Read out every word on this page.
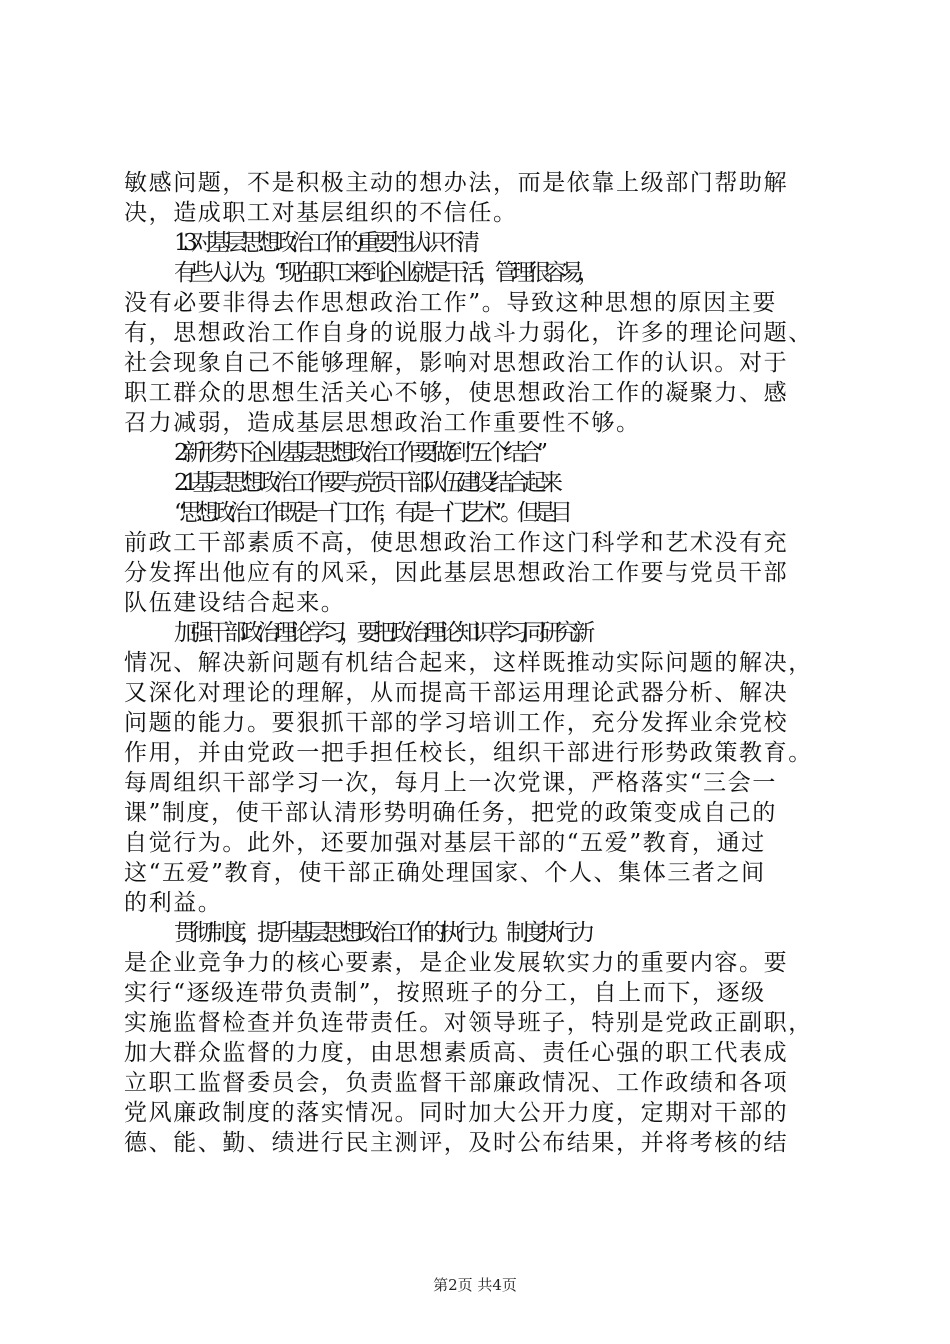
敏感问题，不是积极主动的想办法，而是依靠上级部门帮助解
决，造成职工对基层组织的不信任。
1.3对基层思想政治工作的重要性认识不清
有些人认为。“现在职工来到企业就是干活，管理很容易，
没有必要非得去作思想政治工作”。导致这种思想的原因主要
有，思想政治工作自身的说服力战斗力弱化，许多的理论问题、
社会现象自己不能够理解，影响对思想政治工作的认识。对于
职工群众的思想生活关心不够，使思想政治工作的凝聚力、感
召力减弱，造成基层思想政治工作重要性不够。
2新形势下企业基层思想政治工作要做到“五个结合”
2.1基层思想政治工作要与党员干部队伍建设结合起来
“思想政治工作既是一门工作，有是一门艺术”。但是目
前政工干部素质不高，使思想政治工作这门科学和艺术没有充
分发挥出他应有的风采，因此基层思想政治工作要与党员干部
队伍建设结合起来。
加强干部政治理论学习，要把政治理论知识学习同研究新
情况、解决新问题有机结合起来，这样既推动实际问题的解决，
又深化对理论的理解，从而提高干部运用理论武器分析、解决
问题的能力。要狠抓干部的学习培训工作，充分发挥业余党校
作用，并由党政一把手担任校长，组织干部进行形势政策教育。
每周组织干部学习一次，每月上一次党课，严格落实“三会一
课”制度，使干部认清形势明确任务，把党的政策变成自己的
自觉行为。此外，还要加强对基层干部的“五爱”教育，通过
这“五爱”教育，使干部正确处理国家、个人、集体三者之间
的利益。
贯彻制度，提升基层思想政治工作的执行力。制度执行力
是企业竞争力的核心要素，是企业发展软实力的重要内容。要
实行“逐级连带负责制”，按照班子的分工，自上而下，逐级
实施监督检查并负连带责任。对领导班子，特别是党政正副职，
加大群众监督的力度，由思想素质高、责任心强的职工代表成
立职工监督委员会，负责监督干部廉政情况、工作政绩和各项
党风廉政制度的落实情况。同时加大公开力度，定期对干部的
德、能、勤、绩进行民主测评，及时公布结果，并将考核的结
第2页 共4页
